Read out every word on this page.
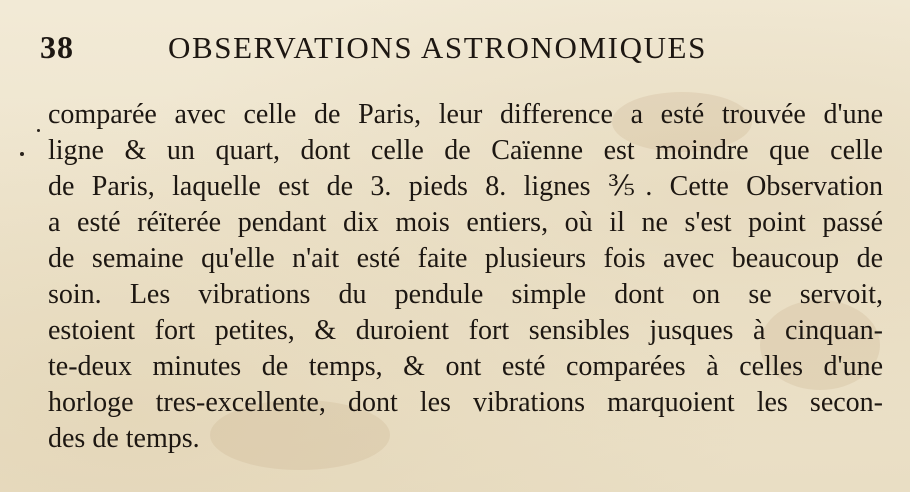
38	OBSERVATIONS ASTRONOMIQUES
comparée avec celle de Paris, leur difference a esté trouvée d'une
ligne & un quart, dont celle de Caïenne est moindre que celle
de Paris, laquelle est de 3. pieds 8. lignes ⅗. Cette Observation
a esté réïterée pendant dix mois entiers, où il ne s'est point passé
de semaine qu'elle n'ait esté faite plusieurs fois avec beaucoup de
soin. Les vibrations du pendule simple dont on se servoit,
estoient fort petites, & duroient fort sensibles jusques à cinquan-
te-deux minutes de temps, & ont esté comparées à celles d'une
horloge tres-excellente, dont les vibrations marquoient les secon-
des de temps.
